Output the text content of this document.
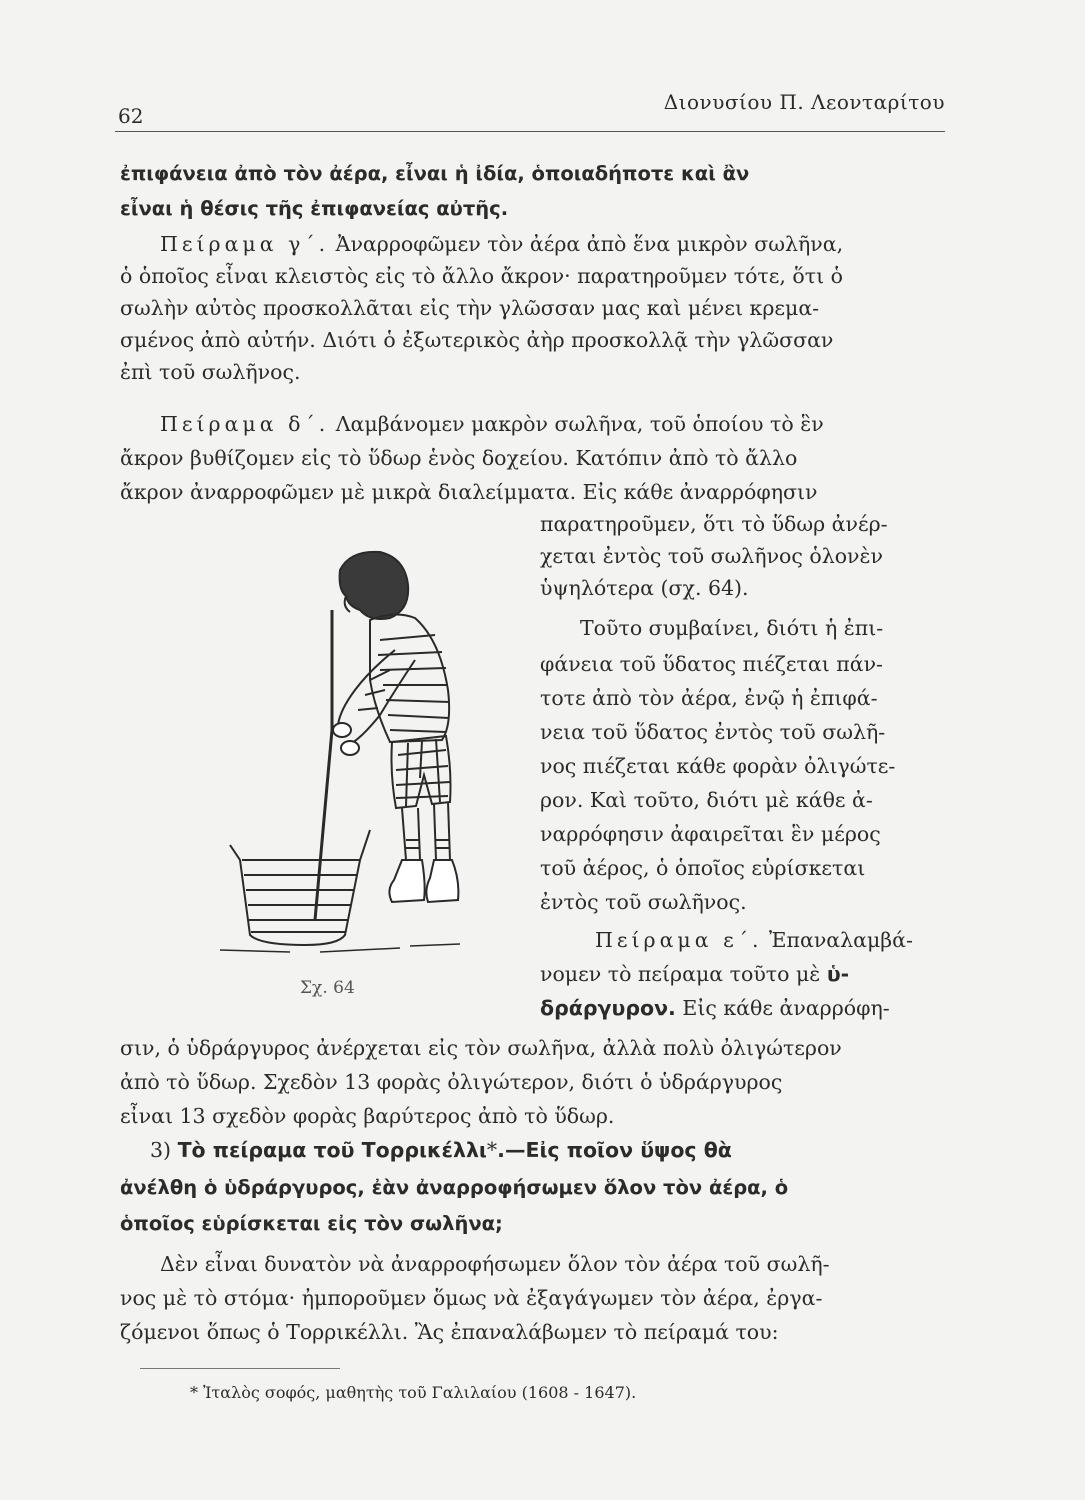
62
Διονυσίου Π. Λεονταρίτου
ἐπιφάνεια ἀπὸ τὸν ἀέρα, εἶναι ἡ ἰδία, ὁποιαδήποτε καὶ ἂν
εἶναι ἡ θέσις τῆς ἐπιφανείας αὐτῆς.
Πείραμα γ΄. Ἀναρροφῶμεν τὸν ἀέρα ἀπὸ ἕνα μικρὸν σωλῆνα,
ὁ ὁποῖος εἶναι κλειστὸς εἰς τὸ ἄλλο ἄκρον· παρατηροῦμεν τότε, ὅτι ὁ
σωλὴν αὐτὸς προσκολλᾶται εἰς τὴν γλῶσσαν μας καὶ μένει κρεμα-
σμένος ἀπὸ αὐτήν. Διότι ὁ ἐξωτερικὸς ἀὴρ προσκολλᾷ τὴν γλῶσσαν
ἐπὶ τοῦ σωλῆνος.
Πείραμα δ΄. Λαμβάνομεν μακρὸν σωλῆνα, τοῦ ὁποίου τὸ ἓν
ἄκρον βυθίζομεν εἰς τὸ ὕδωρ ἑνὸς δοχείου. Κατόπιν ἀπὸ τὸ ἄλλο
ἄκρον ἀναρροφῶμεν μὲ μικρὰ διαλείμματα. Εἰς κάθε ἀναρρόφησιν
παρατηροῦμεν, ὅτι τὸ ὕδωρ ἀνέρ-
χεται ἐντὸς τοῦ σωλῆνος ὁλονὲν
ὑψηλότερα (σχ. 64).
Τοῦτο συμβαίνει, διότι ἡ ἐπι-
φάνεια τοῦ ὕδατος πιέζεται πάν-
τοτε ἀπὸ τὸν ἀέρα, ἐνῷ ἡ ἐπιφά-
νεια τοῦ ὕδατος ἐντὸς τοῦ σωλῆ-
νος πιέζεται κάθε φορὰν ὀλιγώτε-
ρον. Καὶ τοῦτο, διότι μὲ κάθε ἀ-
ναρρόφησιν ἀφαιρεῖται ἓν μέρος
τοῦ ἀέρος, ὁ ὁποῖος εὑρίσκεται
ἐντὸς τοῦ σωλῆνος.
Πείραμα ε΄. Ἐπαναλαμβά-
νομεν τὸ πείραμα τοῦτο μὲ ὑ-
δράργυρον. Εἰς κάθε ἀναρρόφη-
Σχ. 64
σιν, ὁ ὑδράργυρος ἀνέρχεται εἰς τὸν σωλῆνα, ἀλλὰ πολὺ ὀλιγώτερον
ἀπὸ τὸ ὕδωρ. Σχεδὸν 13 φορὰς ὀλιγώτερον, διότι ὁ ὑδράργυρος
εἶναι 13 σχεδὸν φορὰς βαρύτερος ἀπὸ τὸ ὕδωρ.
3) Τὸ πείραμα τοῦ Τορρικέλλι*.—Εἰς ποῖον ὕψος θὰ
ἀνέλθη ὁ ὑδράργυρος, ἐὰν ἀναρροφήσωμεν ὅλον τὸν ἀέρα, ὁ
ὁποῖος εὑρίσκεται εἰς τὸν σωλῆνα;
Δὲν εἶναι δυνατὸν νὰ ἀναρροφήσωμεν ὅλον τὸν ἀέρα τοῦ σωλῆ-
νος μὲ τὸ στόμα· ἠμποροῦμεν ὅμως νὰ ἐξαγάγωμεν τὸν ἀέρα, ἐργα-
ζόμενοι ὅπως ὁ Τορρικέλλι. Ἂς ἐπαναλάβωμεν τὸ πείραμά του:
* Ἰταλὸς σοφός, μαθητὴς τοῦ Γαλιλαίου (1608 - 1647).
